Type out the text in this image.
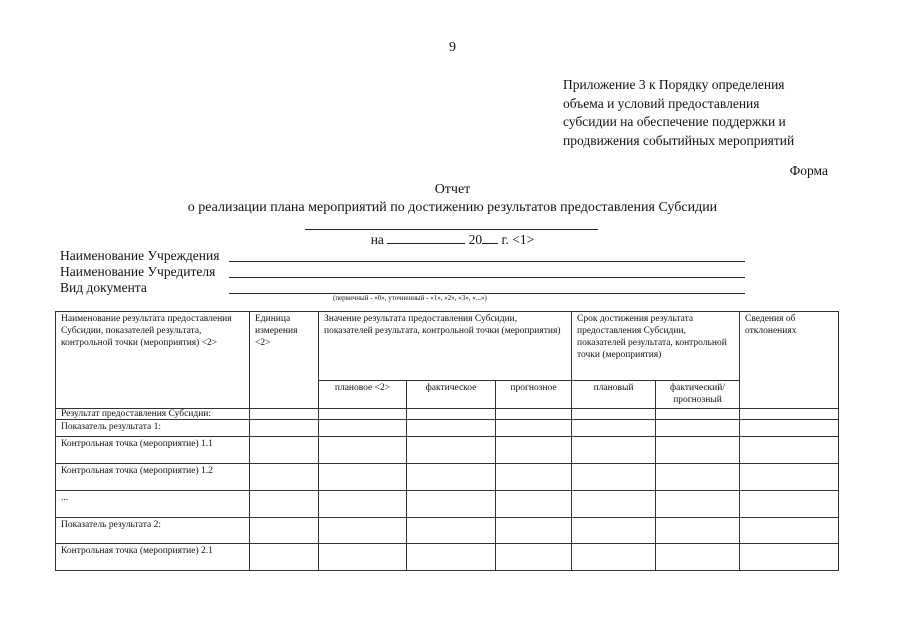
9
Приложение 3 к Порядку определения
объема и условий предоставления
субсидии на обеспечение поддержки и
продвижения событийных мероприятий
Форма
Отчет
о реализации плана мероприятий по достижению результатов предоставления Субсидии
на	20 г. <1>
Наименование Учреждения
Наименование Учредителя
Вид документа
(первичный - «0», уточненный - «1», «2», «3», «...»)
Наименование результата предоставления Субсидии, показателей результата, контрольной точки (мероприятия) <2>	Единица измерения <2>	Значение результата предоставления Субсидии, показателей результата, контрольной точки (мероприятия)			Срок достижения результата предоставления Субсидии, показателей результата, контрольной точки (мероприятия)		Сведения об отклонениях
		плановое <2>	фактическое	прогнозное	плановый	фактический/ прогнозный	
Результат предоставления Субсидии:							
Показатель результата 1:							
Контрольная точка (мероприятие) 1.1							
Контрольная точка (мероприятие) 1.2							
...							
Показатель результата 2:							
Контрольная точка (мероприятие) 2.1							
